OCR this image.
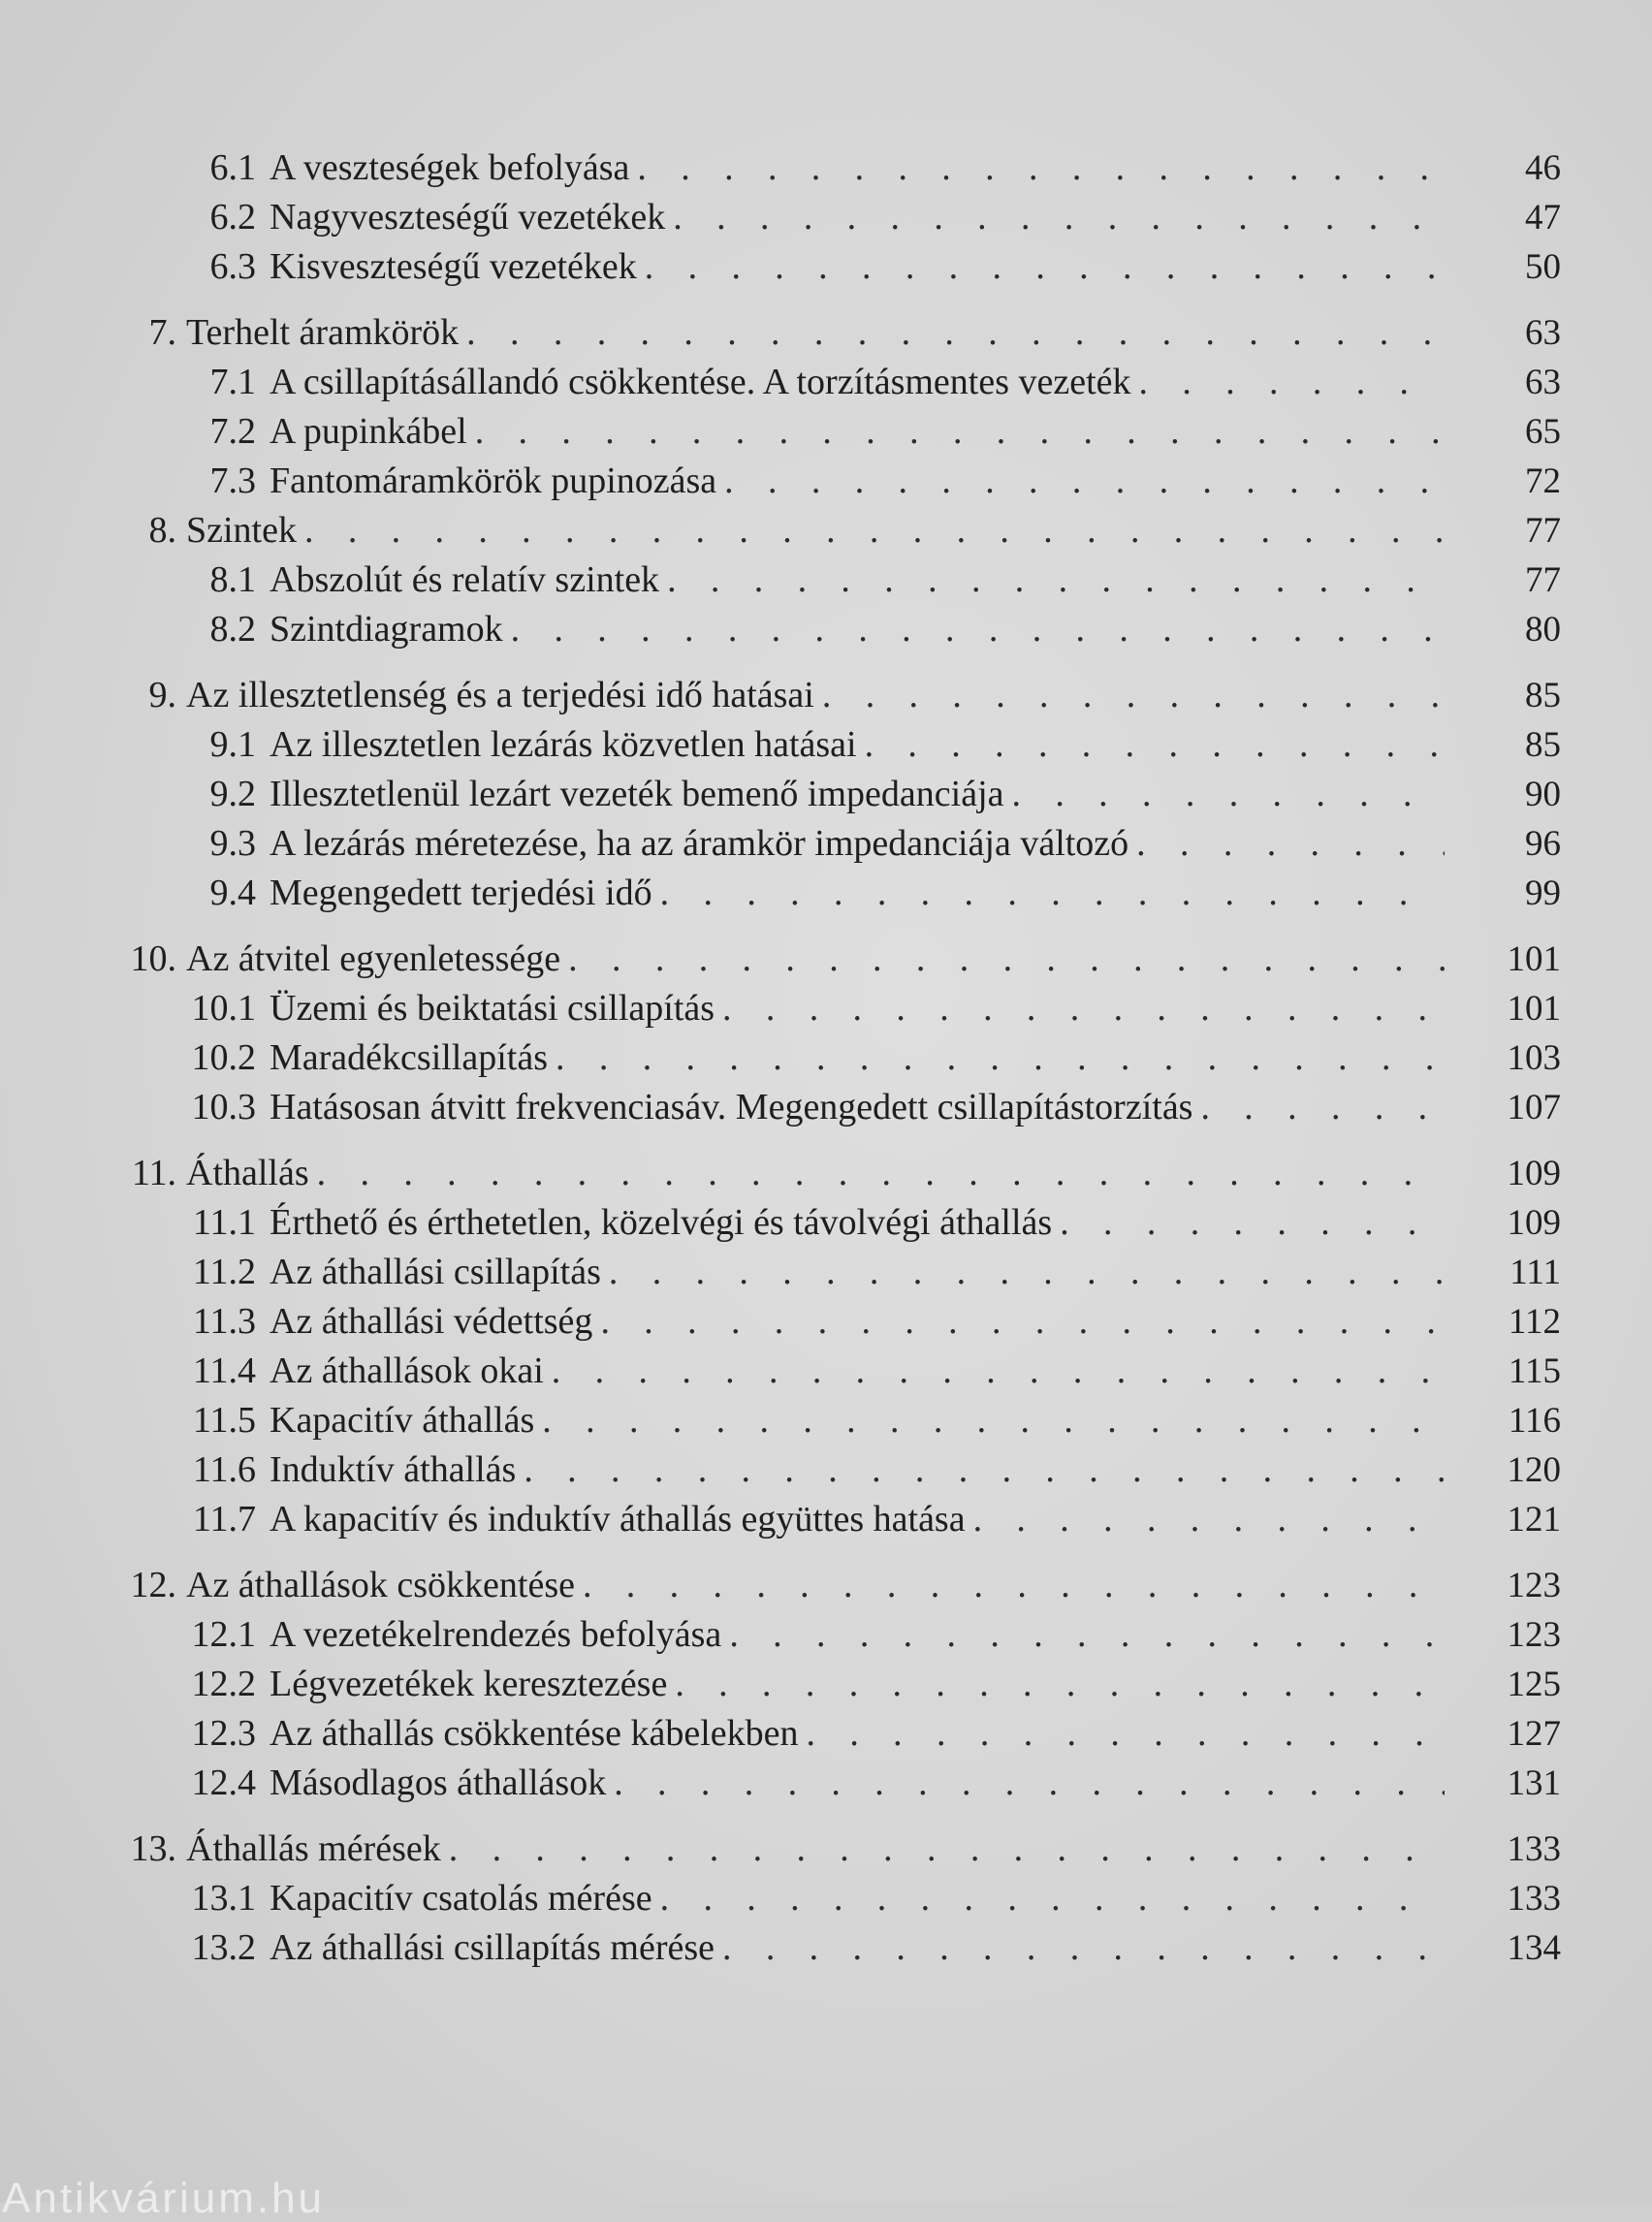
6.1 A veszteségek befolyása . . .	46
6.2 Nagyveszteségű vezetékek . . .	47
6.3 Kisveszteségű vezetékek . . .	50
7. Terhelt áramkörök . . .	63
7.1 A csillapításállandó csökkentése. A torzításmentes vezeték . . .	63
7.2 A pupinkábel . . .	65
7.3 Fantomáramkörök pupinozása . . .	72
8. Szintek . . .	77
8.1 Abszolút és relatív szintek . . .	77
8.2 Szintdiagramok . . .	80
9. Az illesztetlenség és a terjedési idő hatásai . . .	85
9.1 Az illesztetlen lezárás közvetlen hatásai . . .	85
9.2 Illesztetlenül lezárt vezeték bemenő impedanciája . . .	90
9.3 A lezárás méretezése, ha az áramkör impedanciája változó . . .	96
9.4 Megengedett terjedési idő . . .	99
10. Az átvitel egyenletessége . . .	101
10.1 Üzemi és beiktatási csillapítás . . .	101
10.2 Maradékcsillapítás . . .	103
10.3 Hatásosan átvitt frekvenciasáv. Megengedett csillapítástorzítás . . .	107
11. Áthallás . . .	109
11.1 Érthető és érthetetlen, közelvégi és távolvégi áthallás . . .	109
11.2 Az áthallási csillapítás . . .	111
11.3 Az áthallási védettség . . .	112
11.4 Az áthallások okai . . .	115
11.5 Kapacitív áthallás . . .	116
11.6 Induktív áthallás . . .	120
11.7 A kapacitív és induktív áthallás együttes hatása . . .	121
12. Az áthallások csökkentése . . .	123
12.1 A vezetékelrendezés befolyása . . .	123
12.2 Légvezetékek keresztezése . . .	125
12.3 Az áthallás csökkentése kábelekben . . .	127
12.4 Másodlagos áthallások . . .	131
13. Áthallás mérések . . .	133
13.1 Kapacitív csatolás mérése . . .	133
13.2 Az áthallási csillapítás mérése . . .	134
Antikvárium.hu
